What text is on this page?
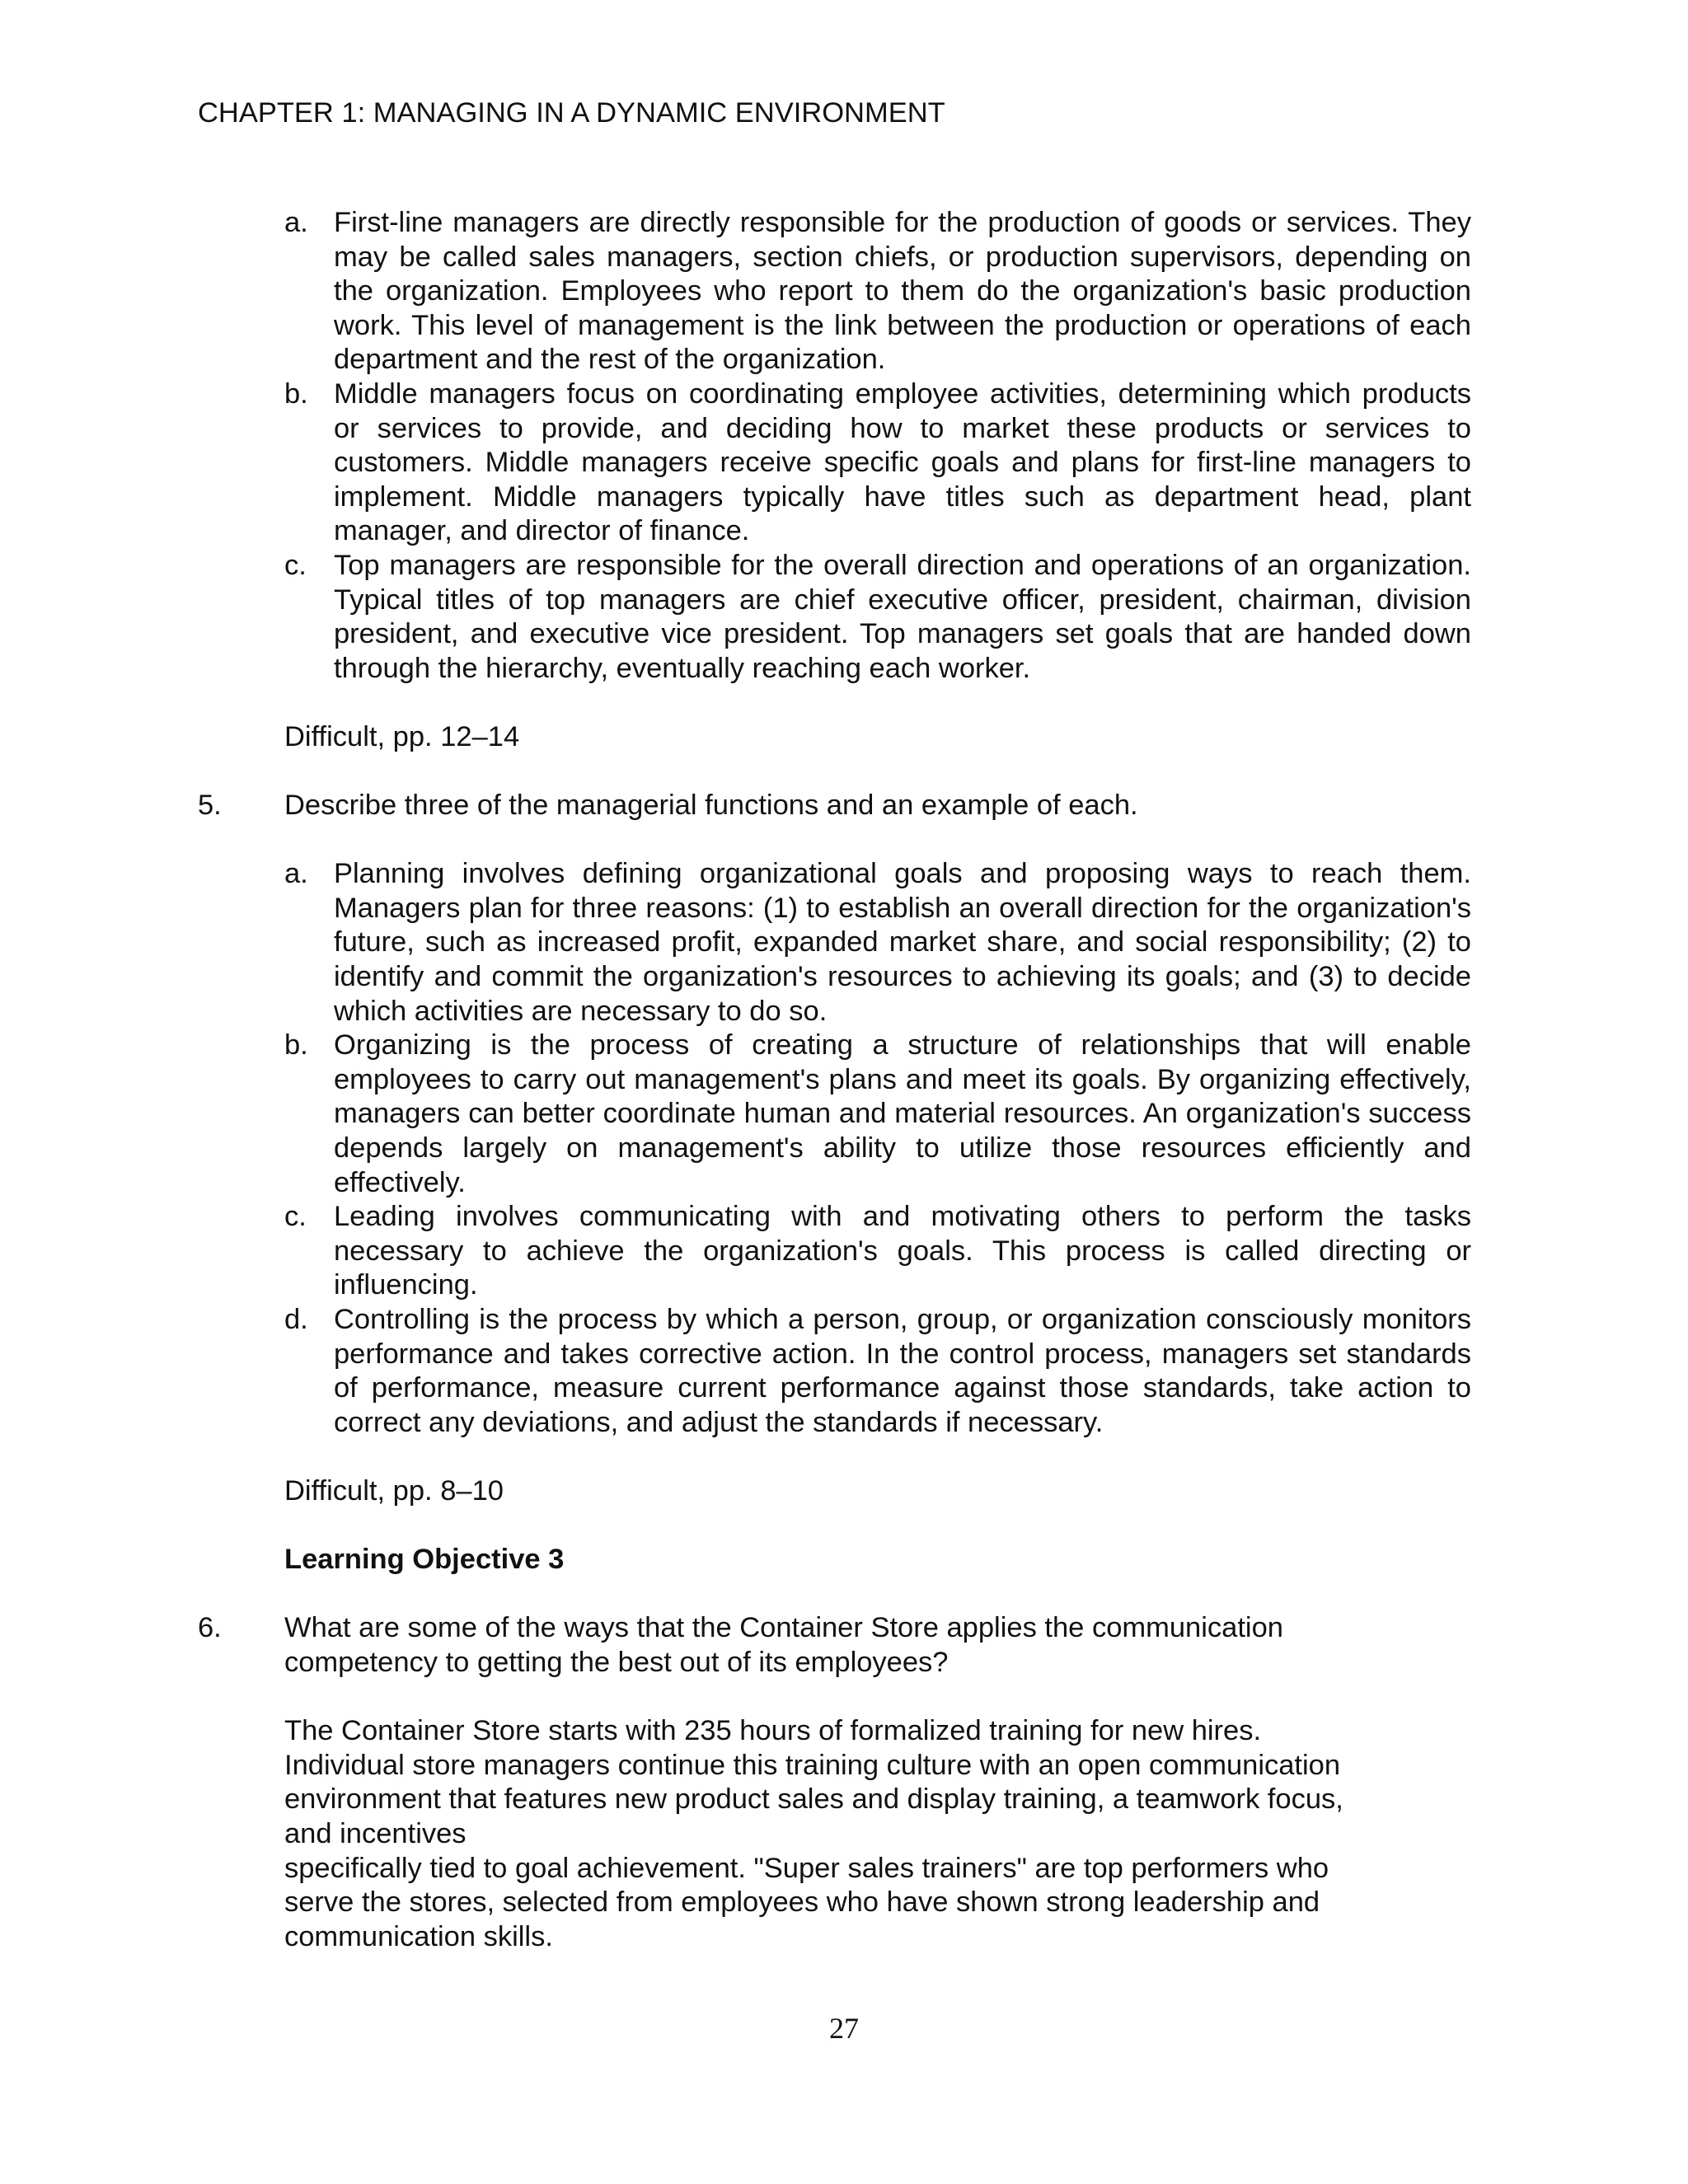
CHAPTER 1: MANAGING IN A DYNAMIC ENVIRONMENT
a. First-line managers are directly responsible for the production of goods or services. They may be called sales managers, section chiefs, or production supervisors, depending on the organization. Employees who report to them do the organization's basic production work. This level of management is the link between the production or operations of each department and the rest of the organization.
b. Middle managers focus on coordinating employee activities, determining which products or services to provide, and deciding how to market these products or services to customers. Middle managers receive specific goals and plans for first-line managers to implement. Middle managers typically have titles such as department head, plant manager, and director of finance.
c. Top managers are responsible for the overall direction and operations of an organization. Typical titles of top managers are chief executive officer, president, chairman, division president, and executive vice president. Top managers set goals that are handed down through the hierarchy, eventually reaching each worker.
Difficult, pp. 12–14
5.	Describe three of the managerial functions and an example of each.
a. Planning involves defining organizational goals and proposing ways to reach them. Managers plan for three reasons: (1) to establish an overall direction for the organization's future, such as increased profit, expanded market share, and social responsibility; (2) to identify and commit the organization's resources to achieving its goals; and (3) to decide which activities are necessary to do so.
b. Organizing is the process of creating a structure of relationships that will enable employees to carry out management's plans and meet its goals. By organizing effectively, managers can better coordinate human and material resources. An organization's success depends largely on management's ability to utilize those resources efficiently and effectively.
c. Leading involves communicating with and motivating others to perform the tasks necessary to achieve the organization's goals. This process is called directing or influencing.
d. Controlling is the process by which a person, group, or organization consciously monitors performance and takes corrective action. In the control process, managers set standards of performance, measure current performance against those standards, take action to correct any deviations, and adjust the standards if necessary.
Difficult, pp. 8–10
Learning Objective 3
6.	What are some of the ways that the Container Store applies the communication
competency to getting the best out of its employees?
The Container Store starts with 235 hours of formalized training for new hires.
Individual store managers continue this training culture with an open communication
environment that features new product sales and display training, a teamwork focus,
and incentives
specifically tied to goal achievement. "Super sales trainers" are top performers who
serve the stores, selected from employees who have shown strong leadership and
communication skills.
27
